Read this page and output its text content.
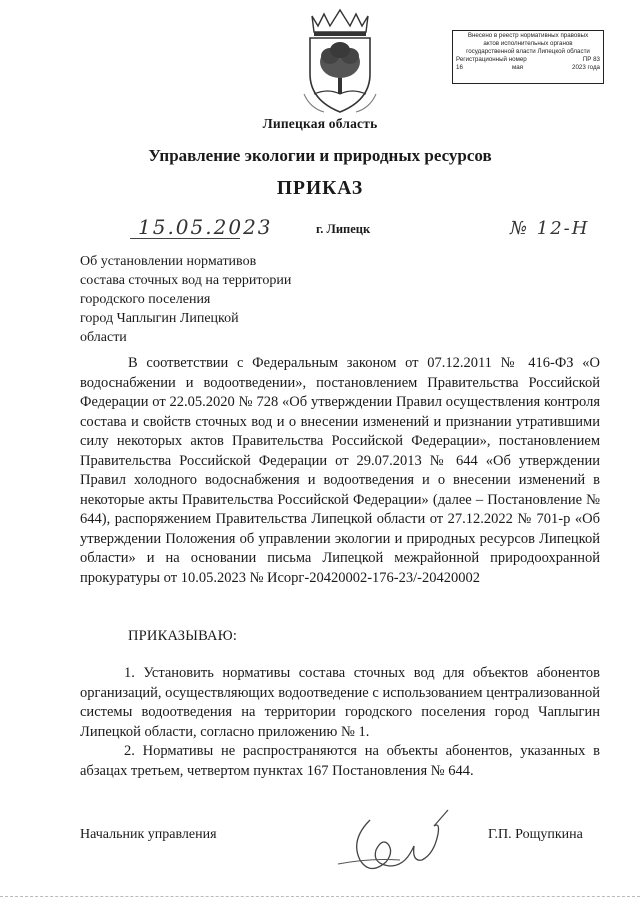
Внесено в реестр нормативных правовых
актов исполнительных органов
государственной власти Липецкой области
Регистрационный номер	ПР 83
16	мая	2023 года
Липецкая область
Управление экологии и природных ресурсов
ПРИКАЗ
15.05.2023	г. Липецк	№ 12-Н
Об установлении нормативов
состава сточных вод на территории
городского поселения
город Чаплыгин Липецкой
области

В соответствии с Федеральным законом от 07.12.2011 № 416-ФЗ «О водоснабжении и водоотведении», постановлением Правительства Российской Федерации от 22.05.2020 № 728 «Об утверждении Правил осуществления контроля состава и свойств сточных вод и о внесении изменений и признании утратившими силу некоторых актов Правительства Российской Федерации», постановлением Правительства Российской Федерации от 29.07.2013 № 644 «Об утверждении Правил холодного водоснабжения и водоотведения и о внесении изменений в некоторые акты Правительства Российской Федерации» (далее – Постановление № 644), распоряжением Правительства Липецкой области от 27.12.2022 № 701-р «Об утверждении Положения об управлении экологии и природных ресурсов Липецкой области» и на основании письма Липецкой межрайонной природоохранной прокуратуры от 10.05.2023 № Исорг-20420002-176-23/-20420002

ПРИКАЗЫВАЮ:

1. Установить нормативы состава сточных вод для объектов абонентов организаций, осуществляющих водоотведение с использованием централизованной системы водоотведения на территории городского поселения город Чаплыгин Липецкой области, согласно приложению № 1.

2. Нормативы не распространяются на объекты абонентов, указанных в абзацах третьем, четвертом пунктах 167 Постановления № 644.

Начальник управления	Г.П. Рощупкина
